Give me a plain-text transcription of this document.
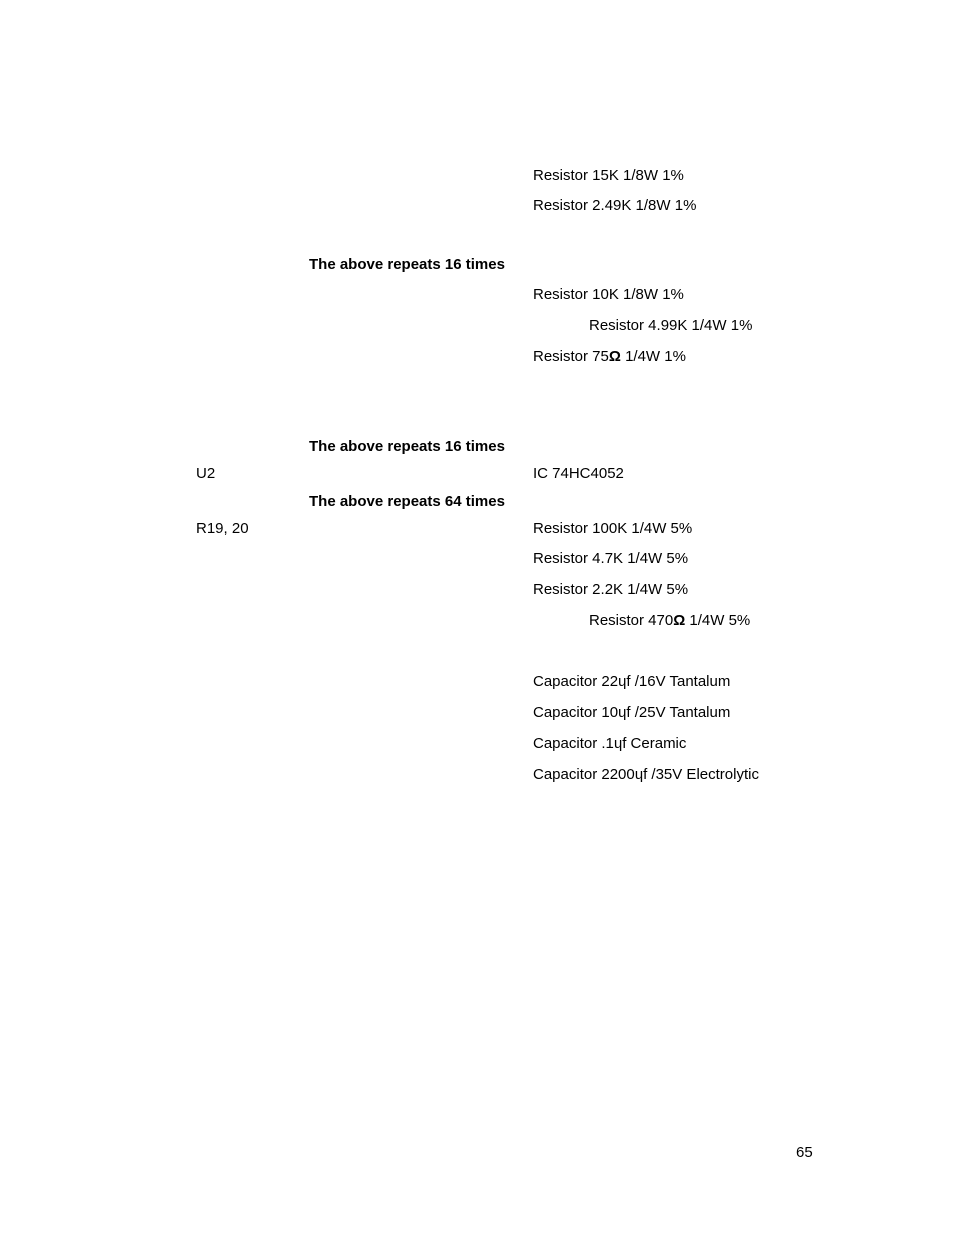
Resistor 15K 1/8W 1%
Resistor 2.49K 1/8W 1%
The above repeats 16 times
Resistor 10K 1/8W 1%
Resistor 4.99K 1/4W 1%
Resistor 75Ω 1/4W 1%
The above repeats 16 times
U2	IC 74HC4052
The above repeats 64 times
R19, 20	Resistor 100K 1/4W 5%
Resistor 4.7K 1/4W 5%
Resistor 2.2K 1/4W 5%
Resistor 470Ω 1/4W 5%
Capacitor 22ɥf /16V Tantalum
Capacitor 10ɥf /25V Tantalum
Capacitor .1ɥf Ceramic
Capacitor 2200ɥf /35V Electrolytic
65
